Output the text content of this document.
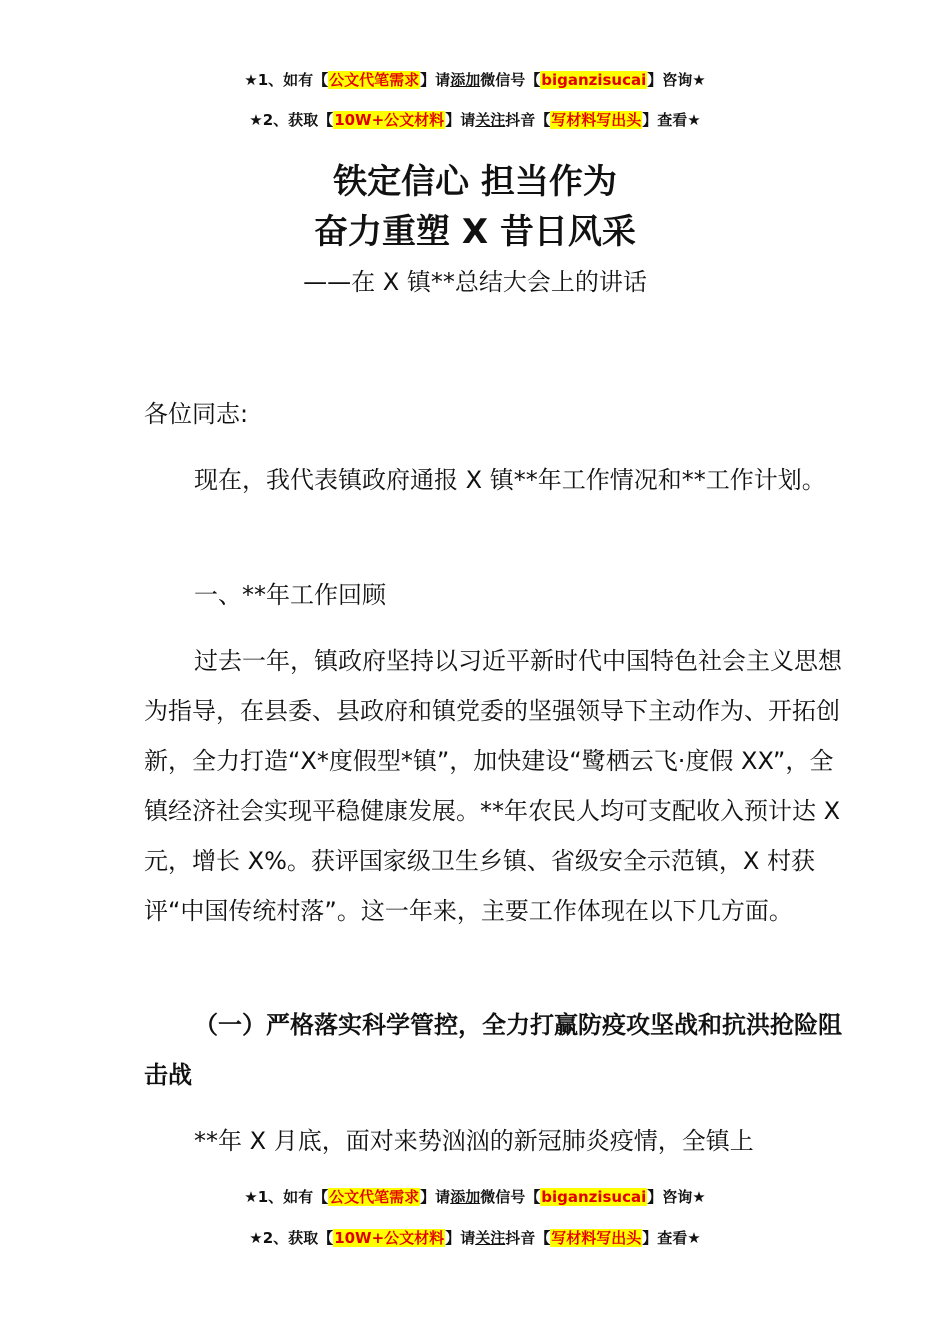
★1、如有【公文代笔需求】请添加微信号【biganzisucai】咨询★
★2、获取【10W+公文材料】请关注抖音【写材料写出头】查看★
铁定信心 担当作为
奋力重塑 X 昔日风采
——在 X 镇**总结大会上的讲话

各位同志:

现在，我代表镇政府通报 X 镇**年工作情况和**工作计划。

一、**年工作回顾

过去一年，镇政府坚持以习近平新时代中国特色社会主义思想为指导，在县委、县政府和镇党委的坚强领导下主动作为、开拓创新，全力打造“X*度假型*镇”，加快建设“鹭栖云飞·度假 XX”，全镇经济社会实现平稳健康发展。**年农民人均可支配收入预计达 X 元，增长 X%。获评国家级卫生乡镇、省级安全示范镇，X 村获评“中国传统村落”。这一年来，主要工作体现在以下几方面。

（一）严格落实科学管控，全力打赢防疫攻坚战和抗洪抢险阻击战

**年 X 月底，面对来势汹汹的新冠肺炎疫情，全镇上

★1、如有【公文代笔需求】请添加微信号【biganzisucai】咨询★
★2、获取【10W+公文材料】请关注抖音【写材料写出头】查看★
